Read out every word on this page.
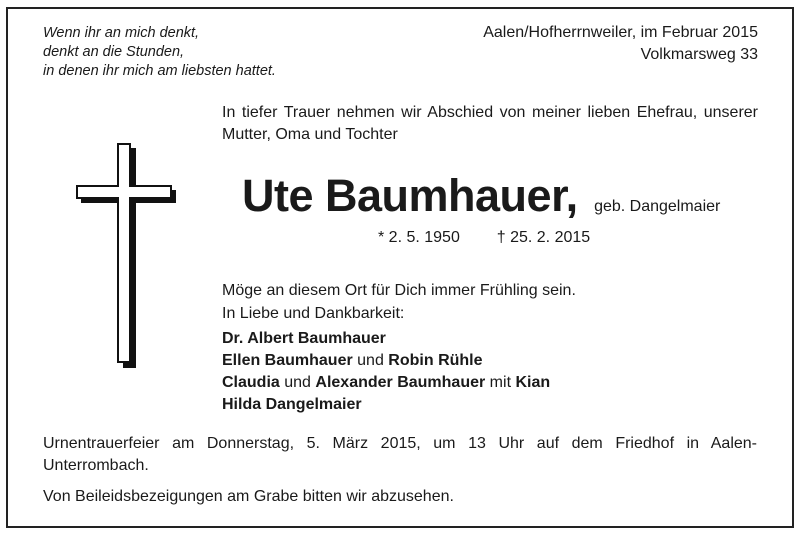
Wenn ihr an mich denkt,
denkt an die Stunden,
in denen ihr mich am liebsten hattet.
Aalen/Hofherrnweiler, im Februar 2015
Volkmarsweg 33
In tiefer Trauer nehmen wir Abschied von meiner lieben Ehefrau, unserer Mutter, Oma und Tochter
Ute Baumhauer, geb. Dangelmaier
* 2. 5. 1950 † 25. 2. 2015
Möge an diesem Ort für Dich immer Frühling sein.
In Liebe und Dankbarkeit:
Dr. Albert Baumhauer
Ellen Baumhauer und Robin Rühle
Claudia und Alexander Baumhauer mit Kian
Hilda Dangelmaier
Urnentrauerfeier am Donnerstag, 5. März 2015, um 13 Uhr auf dem Friedhof in Aalen-Unterrombach.
Von Beileidsbezeigungen am Grabe bitten wir abzusehen.
